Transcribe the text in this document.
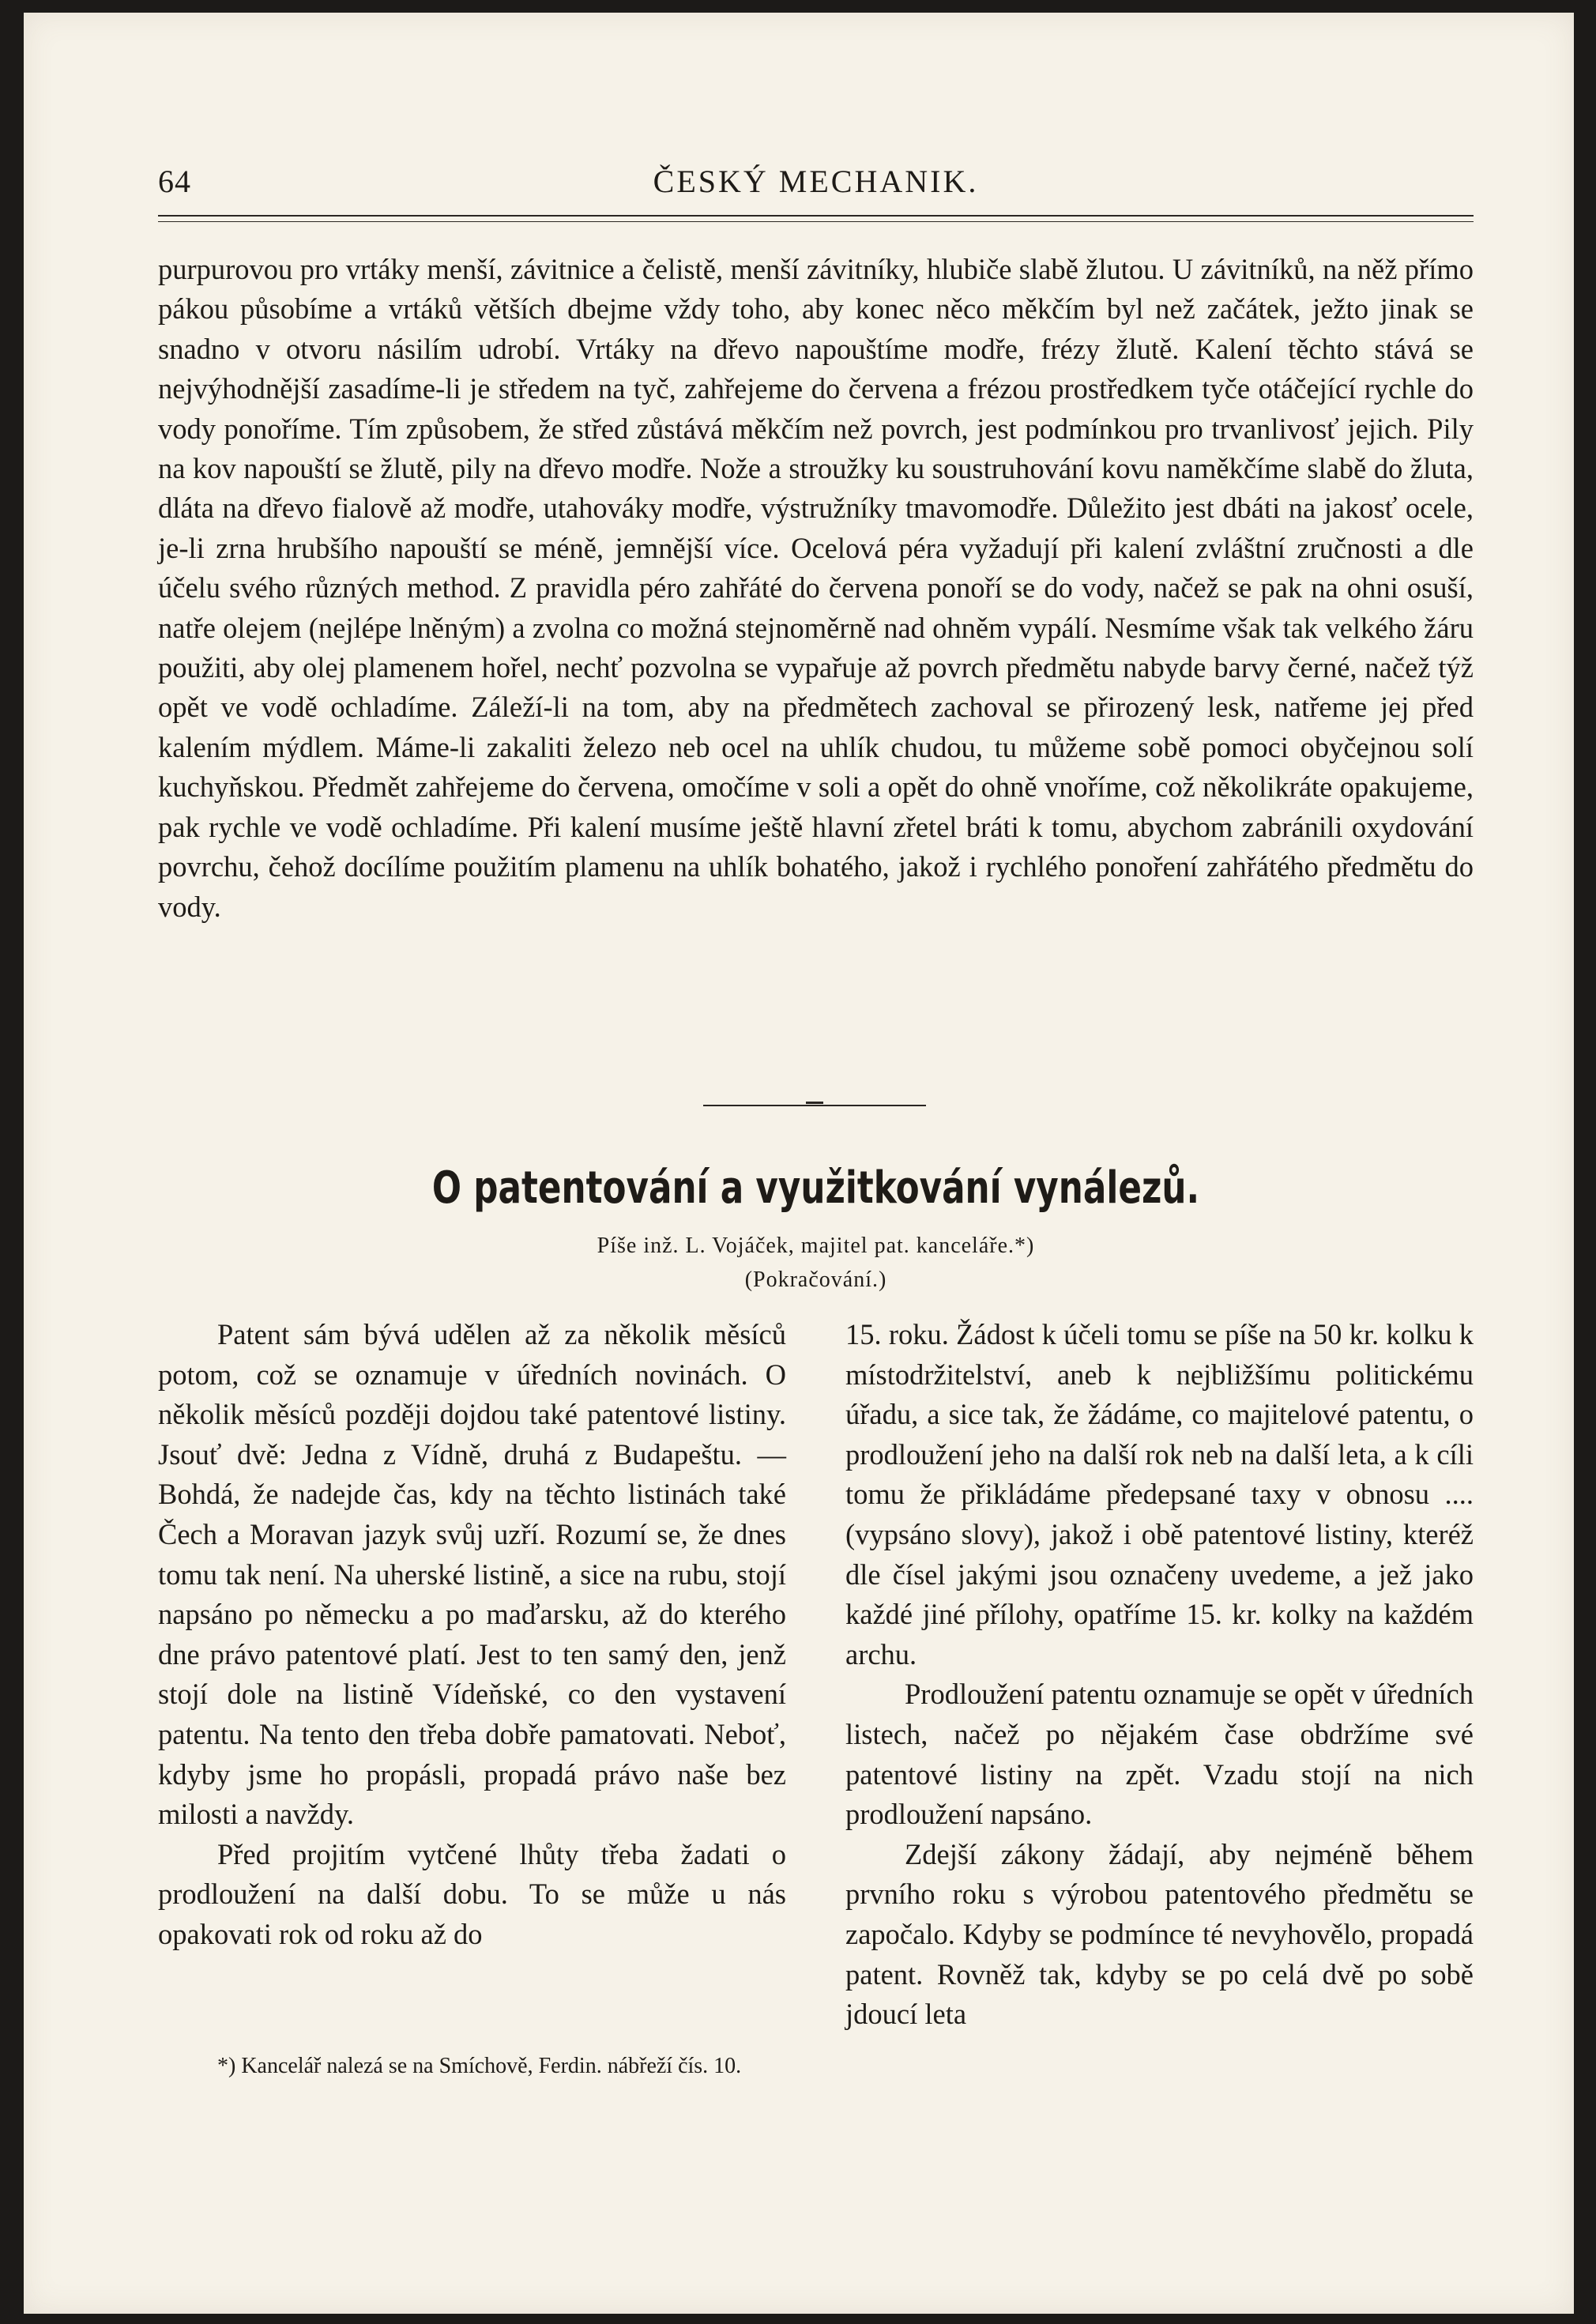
64	ČESKÝ MECHANIK.

purpurovou pro vrtáky menší, závitnice a čelistě, menší závitníky, hlubiče slabě žlutou. U závitníků, na něž přímo pákou působíme a vrtáků větších dbejme vždy toho, aby konec něco měkčím byl než začátek, ježto jinak se snadno v otvoru násilím udrobí. Vrtáky na dřevo napouštíme modře, frézy žlutě. Kalení těchto stává se nejvýhodnější zasadíme-li je středem na tyč, zahřejeme do červena a frézou prostředkem tyče otáčející rychle do vody ponoříme. Tím způsobem, že střed zůstává měkčím než povrch, jest podmínkou pro trvanlivosť jejich. Pily na kov napouští se žlutě, pily na dřevo modře. Nože a stroužky ku soustruhování kovu naměkčíme slabě do žluta, dláta na dřevo fialově až modře, utahováky modře, výstružníky tmavomodře. Důležito jest dbáti na jakosť ocele, je-li zrna hrubšího napouští se méně, jemnější více. Ocelová péra vyžadují při kalení zvláštní zručnosti a dle účelu svého různých method. Z pravidla péro zahřáté do červena ponoří se do vody, načež se pak na ohni osuší, natře olejem (nejlépe lněným) a zvolna co možná stejnoměrně nad ohněm vypálí. Nesmíme však tak velkého žáru použiti, aby olej plamenem hořel, nechť pozvolna se vypařuje až povrch předmětu nabyde barvy černé, načež týž opět ve vodě ochladíme. Záleží-li na tom, aby na předmětech zachoval se přirozený lesk, natřeme jej před kalením mýdlem. Máme-li zakaliti železo neb ocel na uhlík chudou, tu můžeme sobě pomoci obyčejnou solí kuchyňskou. Předmět zahřejeme do červena, omočíme v soli a opět do ohně vnoříme, což několikráte opakujeme, pak rychle ve vodě ochladíme. Při kalení musíme ještě hlavní zřetel bráti k tomu, abychom zabránili oxydování povrchu, čehož docílíme použitím plamenu na uhlík bohatého, jakož i rychlého ponoření zahřátého předmětu do vody.

O patentování a využitkování vynálezů.
Píše inž. L. Vojáček, majitel pat. kanceláře.*)
(Pokračování.)

Patent sám bývá udělen až za několik měsíců potom, což se oznamuje v úředních novinách. O několik měsíců později dojdou také patentové listiny. Jsouť dvě: Jedna z Vídně, druhá z Budapeštu. — Bohdá, že nadejde čas, kdy na těchto listinách také Čech a Moravan jazyk svůj uzří. Rozumí se, že dnes tomu tak není. Na uherské listině, a sice na rubu, stojí napsáno po německu a po maďarsku, až do kterého dne právo patentové platí. Jest to ten samý den, jenž stojí dole na listině Vídeňské, co den vystavení patentu. Na tento den třeba dobře pamatovati. Neboť, kdyby jsme ho propásli, propadá právo naše bez milosti a navždy.

Před projitím vytčené lhůty třeba žadati o prodloužení na další dobu. To se může u nás opakovati rok od roku až do

*) Kancelář nalezá se na Smíchově, Ferdin. nábřeží čís. 10.

15. roku. Žádost k účeli tomu se píše na 50 kr. kolku k místodržitelství, aneb k nejbližšímu politickému úřadu, a sice tak, že žádáme, co majitelové patentu, o prodloužení jeho na další rok neb na další leta, a k cíli tomu že přikládáme předepsané taxy v obnosu .... (vypsáno slovy), jakož i obě patentové listiny, kteréž dle čísel jakými jsou označeny uvedeme, a jež jako každé jiné přílohy, opatříme 15. kr. kolky na každém archu.

Prodloužení patentu oznamuje se opět v úředních listech, načež po nějakém čase obdržíme své patentové listiny na zpět. Vzadu stojí na nich prodloužení napsáno.

Zdejší zákony žádají, aby nejméně během prvního roku s výrobou patentového předmětu se započalo. Kdyby se podmínce té nevyhovělo, propadá patent. Rovněž tak, kdyby se po celá dvě po sobě jdoucí leta
